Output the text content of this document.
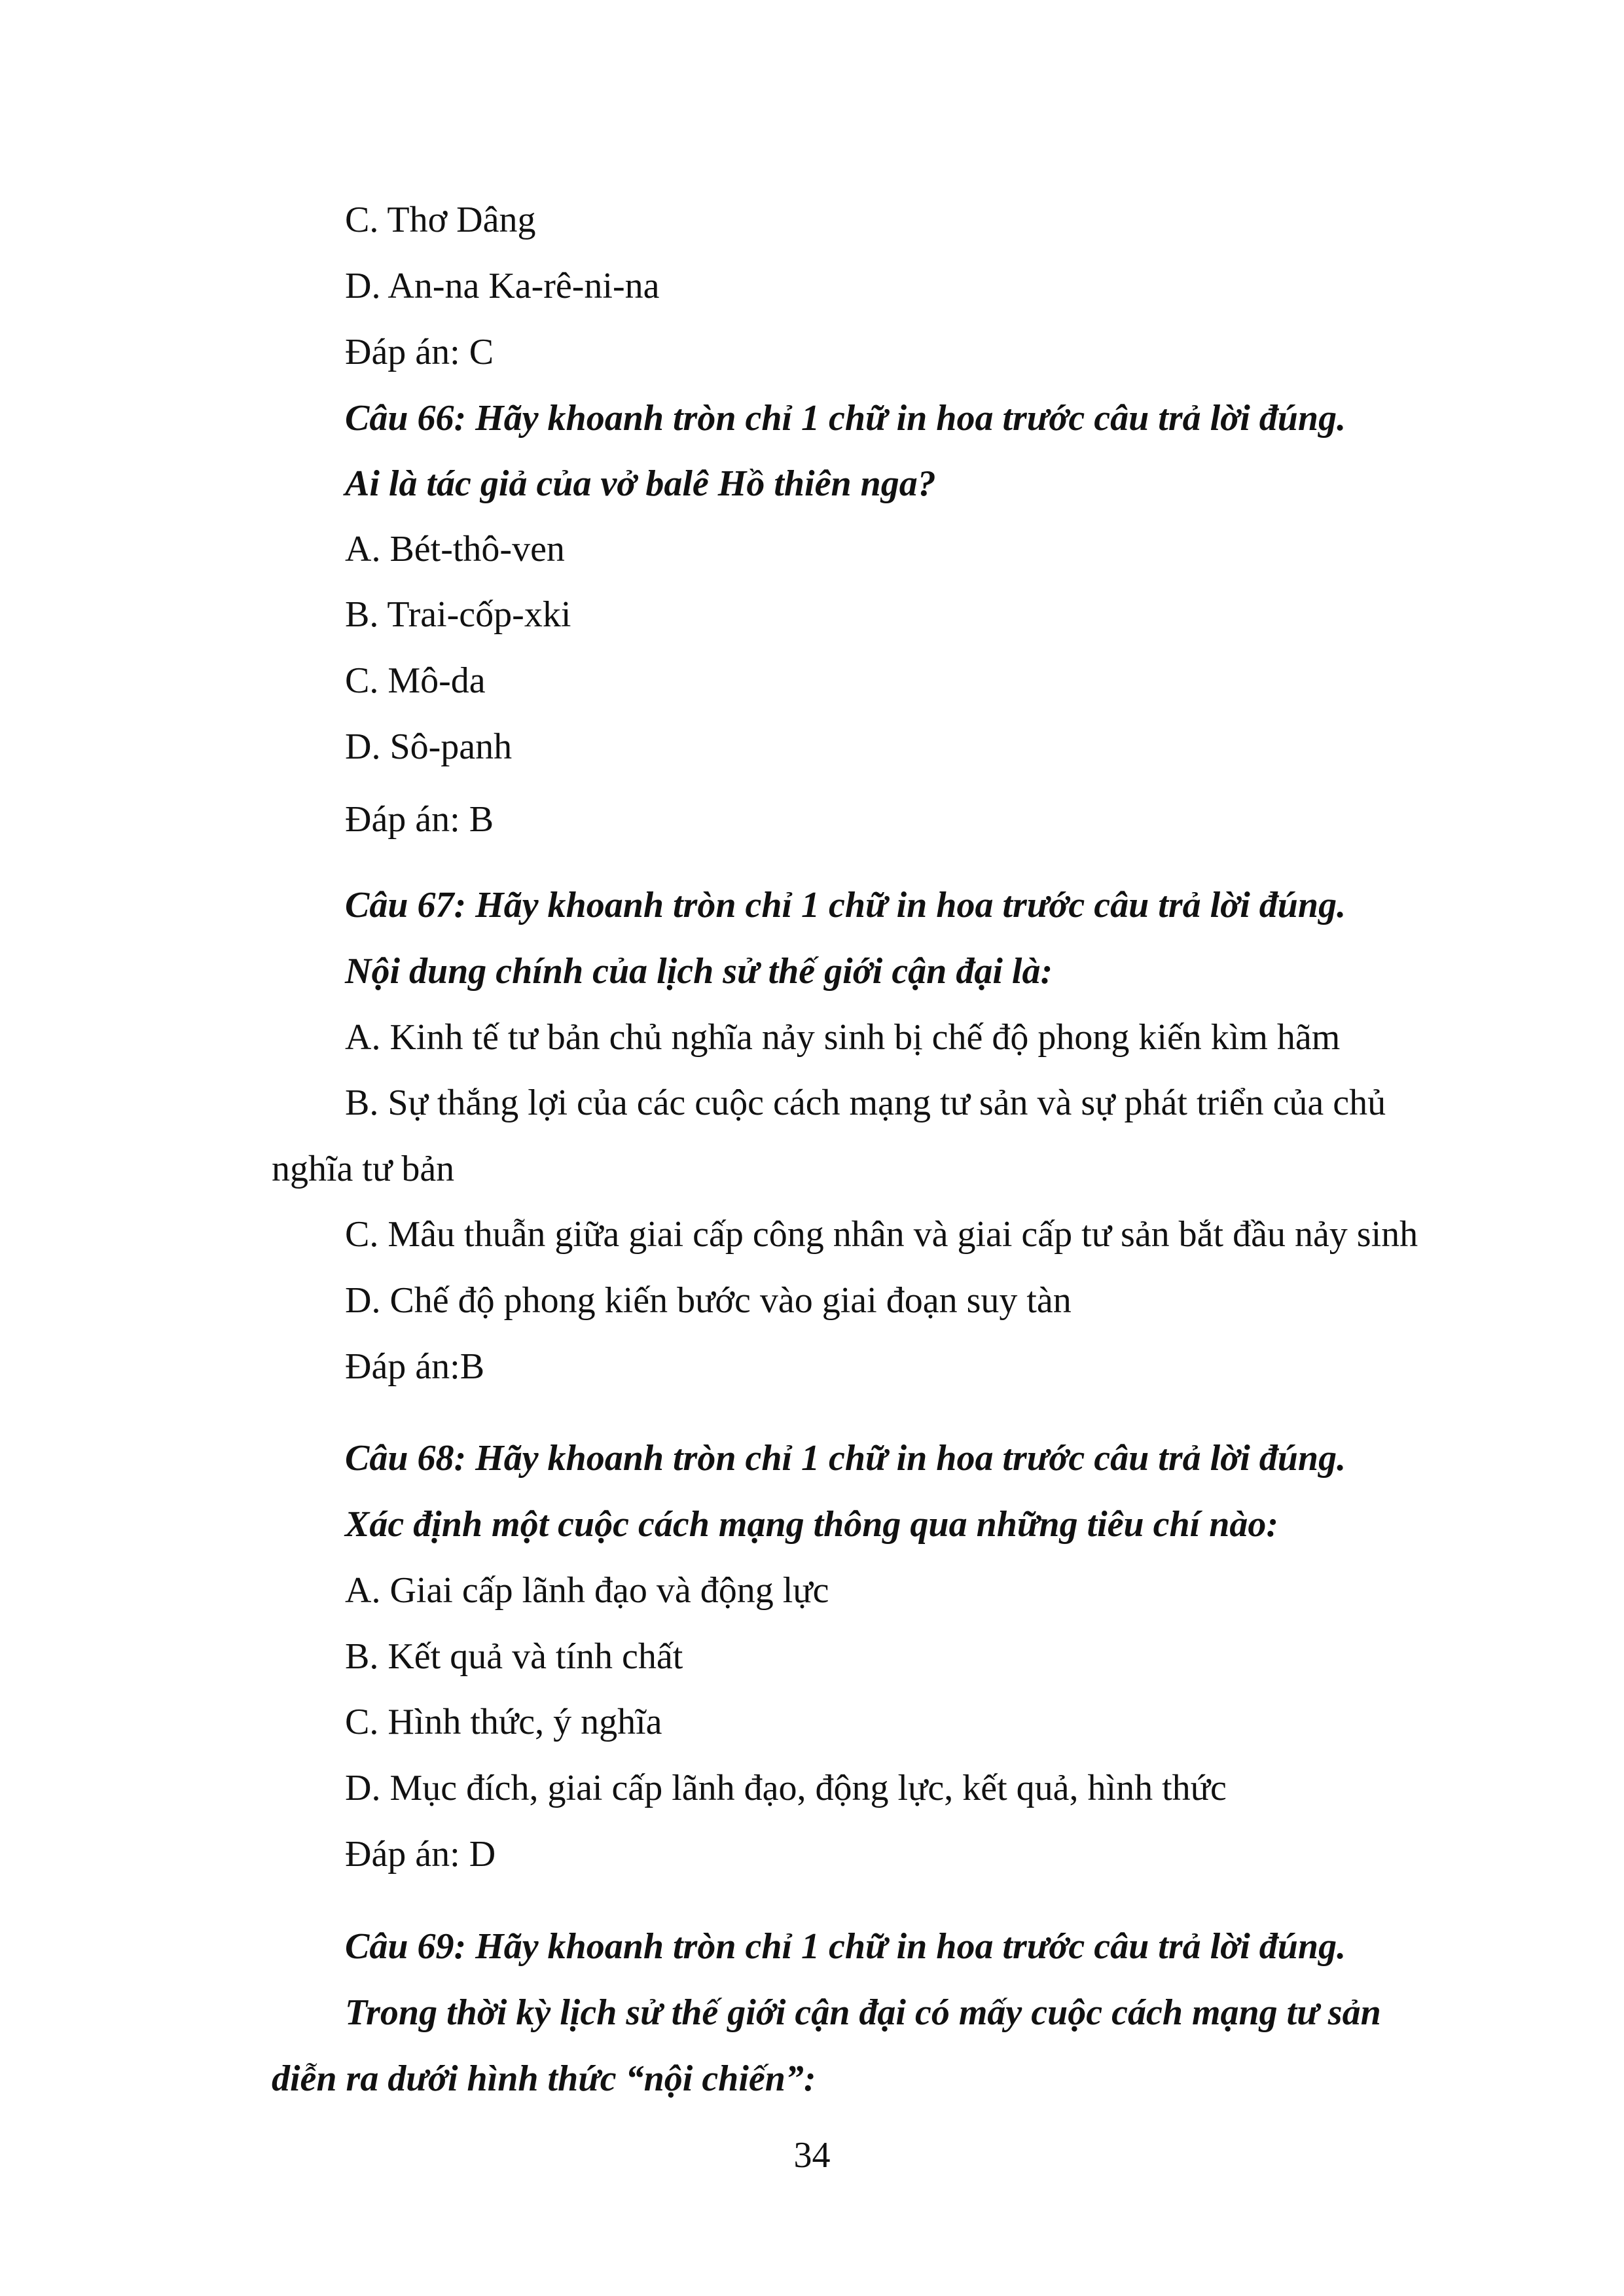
C. Thơ Dâng

D. An-na Ka-rê-ni-na

Đáp án: C

Câu 66: Hãy khoanh tròn chỉ 1 chữ in hoa trước câu trả lời đúng.

Ai là tác giả của vở balê Hồ thiên nga?

A. Bét-thô-ven

B. Trai-cốp-xki

C. Mô-da

D. Sô-panh

Đáp án: B

Câu 67: Hãy khoanh tròn chỉ 1 chữ in hoa trước câu trả lời đúng.

Nội dung chính của lịch sử thế giới cận đại là:

A. Kinh tế tư bản chủ nghĩa nảy sinh bị chế độ phong kiến kìm hãm

B. Sự thắng lợi của các cuộc cách mạng tư sản và sự phát triển của chủ

nghĩa tư bản

C. Mâu thuẫn giữa giai cấp công nhân và giai cấp tư sản bắt đầu nảy sinh

D. Chế độ phong kiến bước vào giai đoạn suy tàn

Đáp án:B

Câu 68: Hãy khoanh tròn chỉ 1 chữ in hoa trước câu trả lời đúng.

Xác định một cuộc cách mạng thông qua những tiêu chí nào:

A. Giai cấp lãnh đạo và động lực

B. Kết quả và tính chất

C. Hình thức, ý nghĩa

D. Mục đích, giai cấp lãnh đạo, động lực, kết quả, hình thức

Đáp án: D

Câu 69: Hãy khoanh tròn chỉ 1 chữ in hoa trước câu trả lời đúng.

Trong thời kỳ lịch sử thế giới cận đại có mấy cuộc cách mạng tư sản

diễn ra dưới hình thức “nội chiến”:

34
